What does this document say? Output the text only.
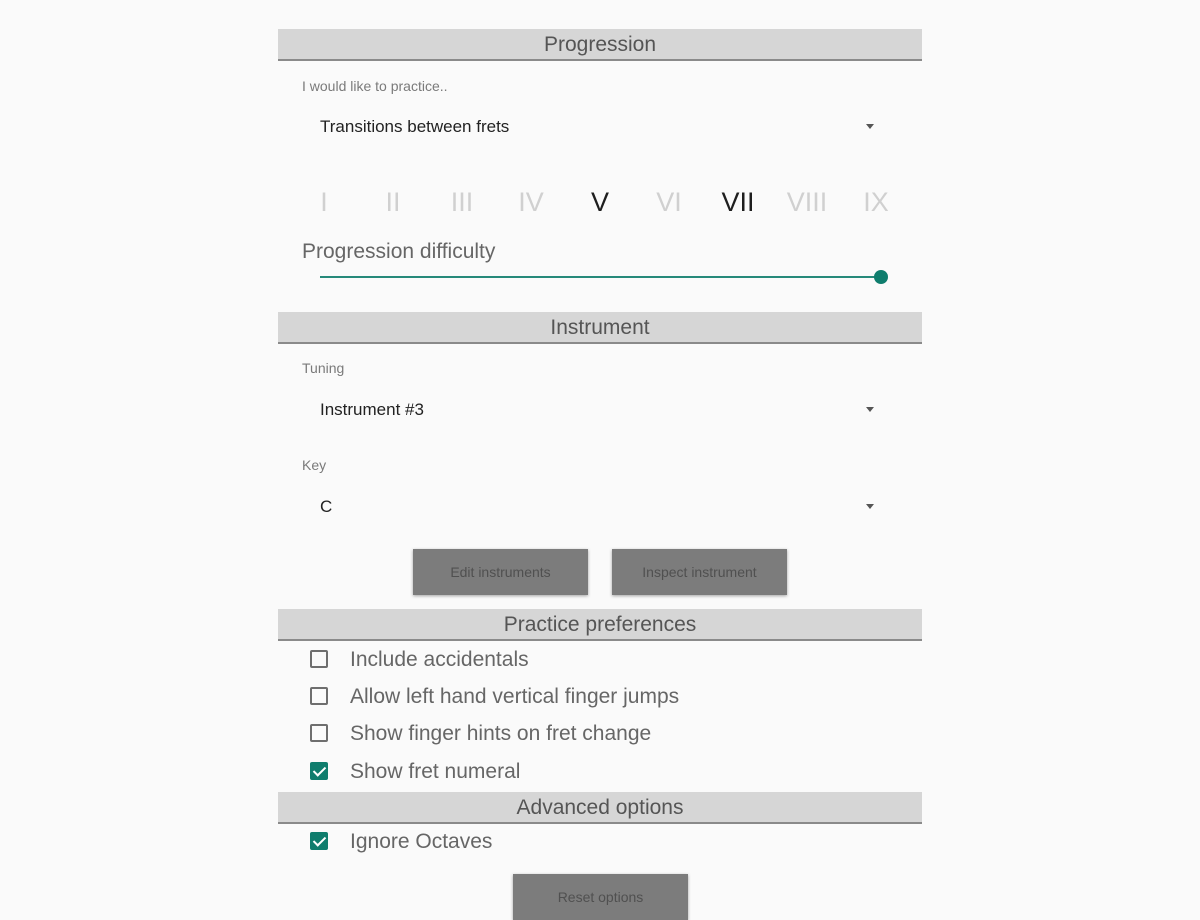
Progression
I would like to practice..
Transitions between frets
I	II	III	IV	V	VI	VII	VIII	IX
Progression difficulty
Instrument
Tuning
Instrument #3
Key
C
Edit instruments	Inspect instrument
Practice preferences
Include accidentals
Allow left hand vertical finger jumps
Show finger hints on fret change
Show fret numeral
Advanced options
Ignore Octaves
Reset options
